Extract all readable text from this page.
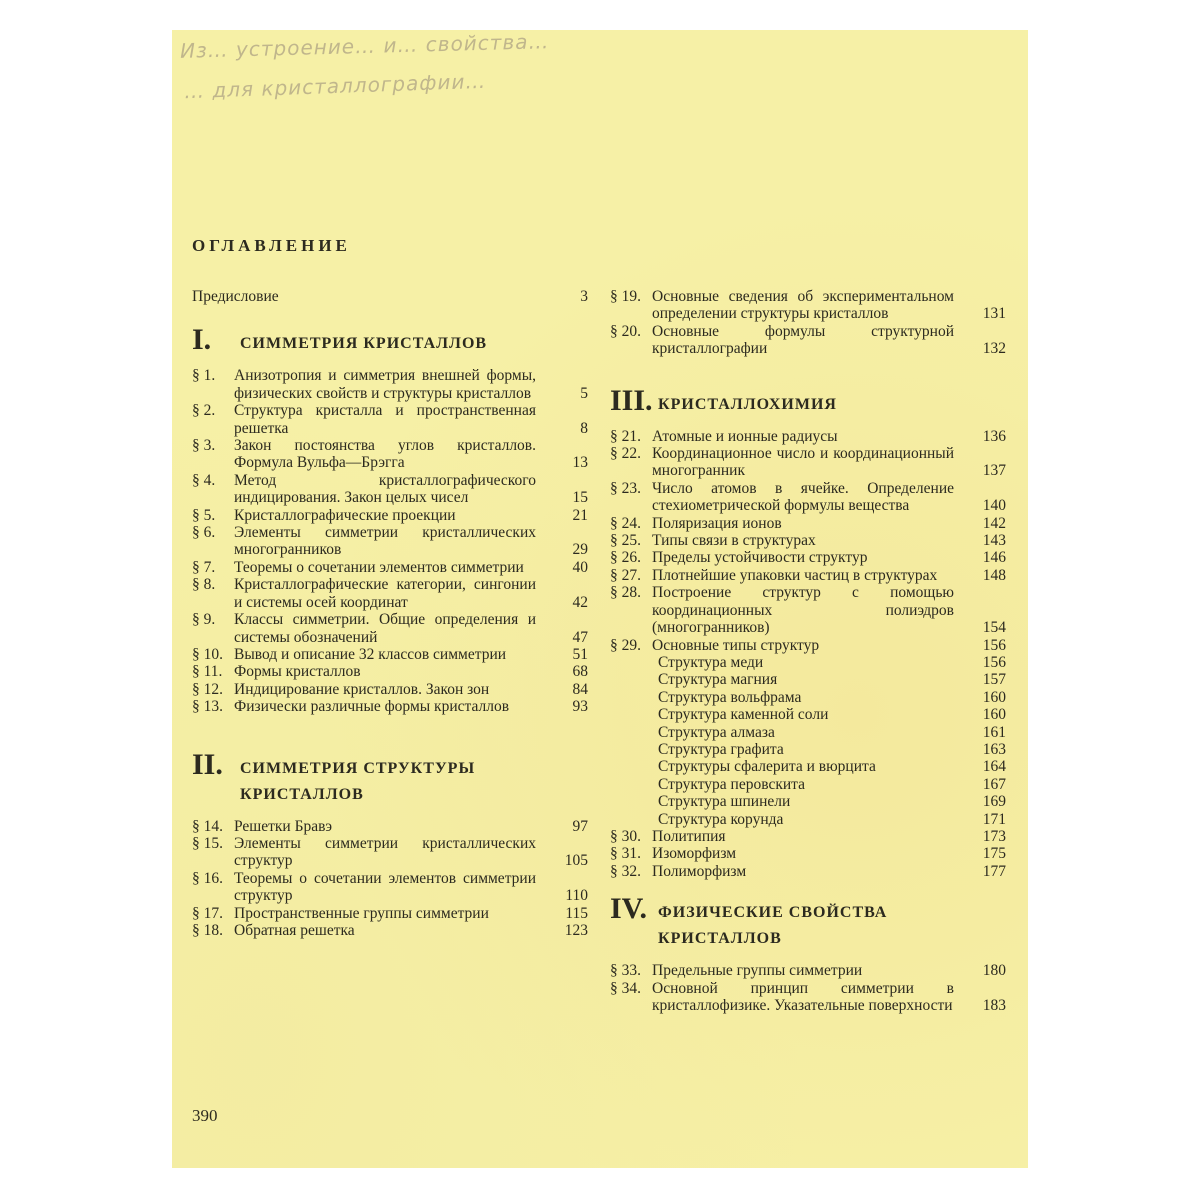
Из… устроение… и… свойства…
… для кристаллографии…
ОГЛАВЛЕНИЕ
Предисловие	3
I.	СИММЕТРИЯ КРИСТАЛЛОВ
§ 1.	Анизотропия и симметрия внешней формы, физических свойств и структуры кристаллов	5
§ 2.	Структура кристалла и пространственная решетка	8
§ 3.	Закон постоянства углов кристаллов. Формула Вульфа—Брэгга	13
§ 4.	Метод кристаллографического индицирования. Закон целых чисел	15
§ 5.	Кристаллографические проекции	21
§ 6.	Элементы симметрии кристаллических многогранников	29
§ 7.	Теоремы о сочетании элементов симметрии	40
§ 8.	Кристаллографические категории, сингонии и системы осей координат	42
§ 9.	Классы симметрии. Общие определения и системы обозначений	47
§ 10. Вывод и описание 32 классов симметрии	51
§ 11. Формы кристаллов	68
§ 12. Индицирование кристаллов. Закон зон	84
§ 13. Физически различные формы кристаллов	93
II.	СИММЕТРИЯ СТРУКТУРЫ КРИСТАЛЛОВ
§ 14. Решетки Бравэ	97
§ 15. Элементы симметрии кристаллических структур	105
§ 16. Теоремы о сочетании элементов симметрии структур	110
§ 17. Пространственные группы симметрии	115
§ 18. Обратная решетка	123
§ 19. Основные сведения об экспериментальном определении структуры кристаллов	131
§ 20. Основные формулы структурной кристаллографии	132
III. КРИСТАЛЛОХИМИЯ
§ 21. Атомные и ионные радиусы	136
§ 22. Координационное число и координационный многогранник	137
§ 23. Число атомов в ячейке. Определение стехиометрической формулы вещества	140
§ 24. Поляризация ионов	142
§ 25. Типы связи в структурах	143
§ 26. Пределы устойчивости структур	146
§ 27. Плотнейшие упаковки частиц в структурах	148
§ 28. Построение структур с помощью координационных полиэдров (многогранников)	154
§ 29. Основные типы структур	156
Структура меди	156
Структура магния	157
Структура вольфрама	160
Структура каменной соли	160
Структура алмаза	161
Структура графита	163
Структуры сфалерита и вюрцита	164
Структура перовскита	167
Структура шпинели	169
Структура корунда	171
§ 30. Политипия	173
§ 31. Изоморфизм	175
§ 32. Полиморфизм	177
IV. ФИЗИЧЕСКИЕ СВОЙСТВА КРИСТАЛЛОВ
§ 33. Предельные группы симметрии	180
§ 34. Основной принцип симметрии в кристаллофизике. Указательные поверхности	183
390
